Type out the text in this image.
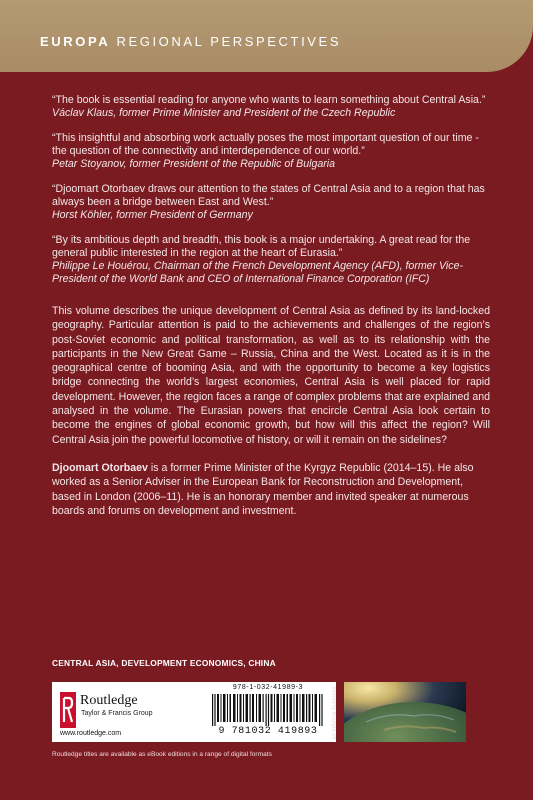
EUROPA REGIONAL PERSPECTIVES
“The book is essential reading for anyone who wants to learn something about Central Asia.”
Václav Klaus, former Prime Minister and President of the Czech Republic
“This insightful and absorbing work actually poses the most important question of our time - the question of the connectivity and interdependence of our world.”
Petar Stoyanov, former President of the Republic of Bulgaria
“Djoomart Otorbaev draws our attention to the states of Central Asia and to a region that has always been a bridge between East and West.”
Horst Köhler, former President of Germany
“By its ambitious depth and breadth, this book is a major undertaking. A great read for the general public interested in the region at the heart of Eurasia.”
Philippe Le Houérou, Chairman of the French Development Agency (AFD), former Vice-President of the World Bank and CEO of International Finance Corporation (IFC)
This volume describes the unique development of Central Asia as defined by its land-locked geography. Particular attention is paid to the achievements and challenges of the region’s post-Soviet economic and political transformation, as well as to its relationship with the participants in the New Great Game – Russia, China and the West. Located as it is in the geographical centre of booming Asia, and with the opportunity to become a key logistics bridge connecting the world’s largest economies, Central Asia is well placed for rapid development. However, the region faces a range of complex problems that are explained and analysed in the volume. The Eurasian powers that encircle Central Asia look certain to become the engines of global economic growth, but how will this affect the region? Will Central Asia join the powerful locomotive of history, or will it remain on the sidelines?
Djoomart Otorbaev is a former Prime Minister of the Kyrgyz Republic (2014–15). He also worked as a Senior Adviser in the European Bank for Reconstruction and Development, based in London (2006–11). He is an honorary member and invited speaker at numerous boards and forums on development and investment.
CENTRAL ASIA, DEVELOPMENT ECONOMICS, CHINA
Routledge
Taylor & Francis Group
www.routledge.com
978-1-032-41989-3
9 781032 419893	an informa business
Routledge titles are available as eBook editions in a range of digital formats
